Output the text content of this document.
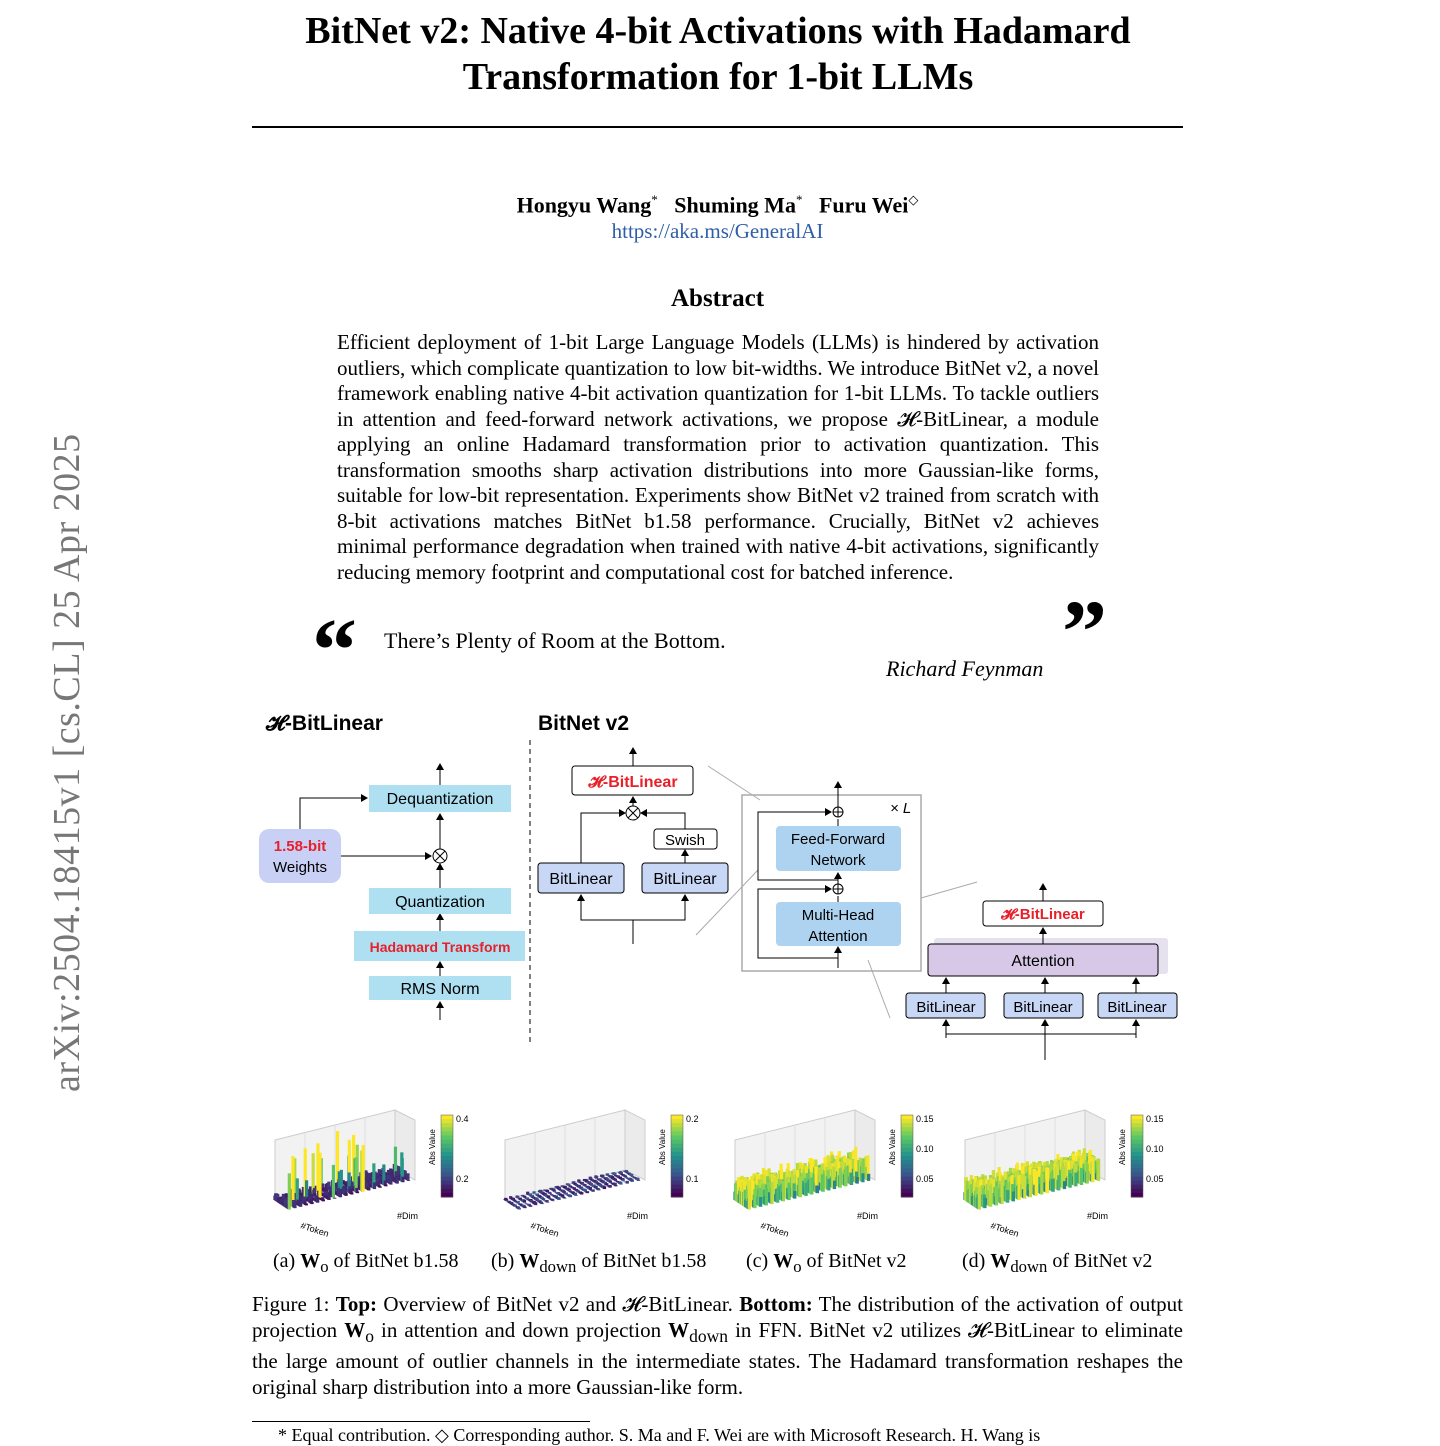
BitNet v2: Native 4-bit Activations with Hadamard Transformation for 1-bit LLMs
Hongyu Wang* Shuming Ma* Furu Wei◇
https://aka.ms/GeneralAI
Abstract
Efficient deployment of 1-bit Large Language Models (LLMs) is hindered by activation outliers, which complicate quantization to low bit-widths. We introduce BitNet v2, a novel framework enabling native 4-bit activation quantization for 1-bit LLMs. To tackle outliers in attention and feed-forward network activations, we propose 𝓗-BitLinear, a module applying an online Hadamard transformation prior to activation quantization. This transformation smooths sharp activation distributions into more Gaussian-like forms, suitable for low-bit representation. Experiments show BitNet v2 trained from scratch with 8-bit activations matches BitNet b1.58 performance. Crucially, BitNet v2 achieves minimal performance degradation when trained with native 4-bit activations, significantly reducing memory footprint and computational cost for batched inference.
“	”
There’s Plenty of Room at the Bottom.
Richard Feynman
arXiv:2504.18415v1 [cs.CL] 25 Apr 2025	𝓗-BitLinear
RMS Norm
Hadamard Transform
Quantization
Dequantization
1.58-bit
Weights
BitNet v2
BitLinear	BitLinear
Swish
𝓗-BitLinear
× L
Multi-Head
Attention
Feed-Forward
Network
BitLinear	BitLinear BitLinear
Attention
𝓗-BitLinear
#Token
#Dim
Abs Value
0.4
0.2
#Token
#Dim
Abs Value
0.2
0.1
#Token
#Dim
Abs Value
0.15
0.10
0.05
#Token
#Dim
Abs Value
0.15
0.10
0.05
(a) $W_o$ of BitNet b1.58 (b) $W_{down}$ of BitNet b1.58 (c) $W_o$ of BitNet v2	(d) $W_{down}$ of BitNet v2
Figure 1: Top: Overview of BitNet v2 and 𝓗-BitLinear. Bottom: The distribution of the activation of output projection $W_o$ in attention and down projection $W_{down}$ in FFN. BitNet v2 utilizes 𝓗-BitLinear to eliminate the large amount of outlier channels in the intermediate states. The Hadamard transformation reshapes the original sharp distribution into a more Gaussian-like form.
* Equal contribution. ◇ Corresponding author. S. Ma and F. Wei are with Microsoft Research. H. Wang is
